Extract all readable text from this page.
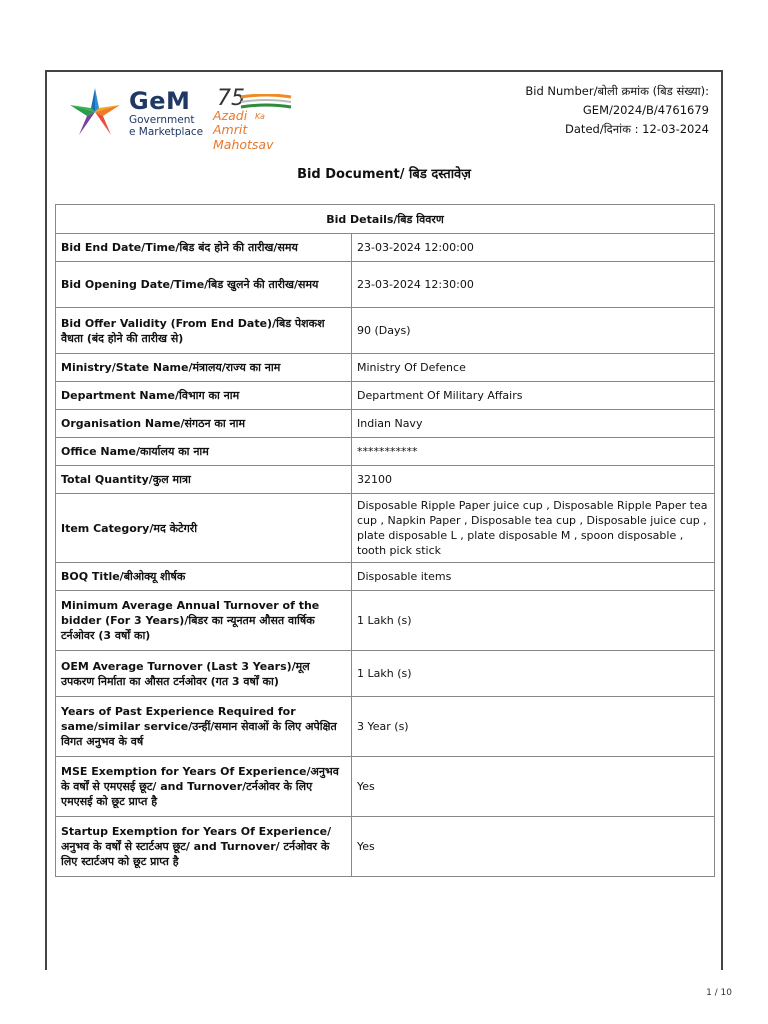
GeM
Government
e Marketplace
75
Azadi Ka
Amrit Mahotsav
Bid Number/बोली क्रमांक (बिड संख्या):
GEM/2024/B/4761679
Dated/दिनांक : 12-03-2024
Bid Document/ बिड दस्तावेज़
Bid Details/बिड विवरण	
Bid End Date/Time/बिड बंद होने की तारीख/समय	23-03-2024 12:00:00
Bid Opening Date/Time/बिड खुलने की तारीख/समय	23-03-2024 12:30:00
Bid Offer Validity (From End Date)/बिड पेशकश वैधता (बंद होने की तारीख से)	90 (Days)
Ministry/State Name/मंत्रालय/राज्य का नाम	Ministry Of Defence
Department Name/विभाग का नाम	Department Of Military Affairs
Organisation Name/संगठन का नाम	Indian Navy
Office Name/कार्यालय का नाम	***********
Total Quantity/कुल मात्रा	32100
Item Category/मद केटेगरी	Disposable Ripple Paper juice cup , Disposable Ripple Paper tea cup , Napkin Paper , Disposable tea cup , Disposable juice cup , plate disposable L , plate disposable M , spoon disposable , tooth pick stick
BOQ Title/बीओक्यू शीर्षक	Disposable items
Minimum Average Annual Turnover of the bidder (For 3 Years)/बिडर का न्यूनतम औसत वार्षिक टर्नओवर (3 वर्षों का)	1 Lakh (s)
OEM Average Turnover (Last 3 Years)/मूल उपकरण निर्माता का औसत टर्नओवर (गत 3 वर्षों का)	1 Lakh (s)
Years of Past Experience Required for same/similar service/उन्हीं/समान सेवाओं के लिए अपेक्षित विगत अनुभव के वर्ष	3 Year (s)
MSE Exemption for Years Of Experience/अनुभव के वर्षों से एमएसई छूट/ and Turnover/टर्नओवर के लिए एमएसई को छूट प्राप्त है	Yes
Startup Exemption for Years Of Experience/अनुभव के वर्षों से स्टार्टअप छूट/ and Turnover/ टर्नओवर के लिए स्टार्टअप को छूट प्राप्त है	Yes
1 / 10
